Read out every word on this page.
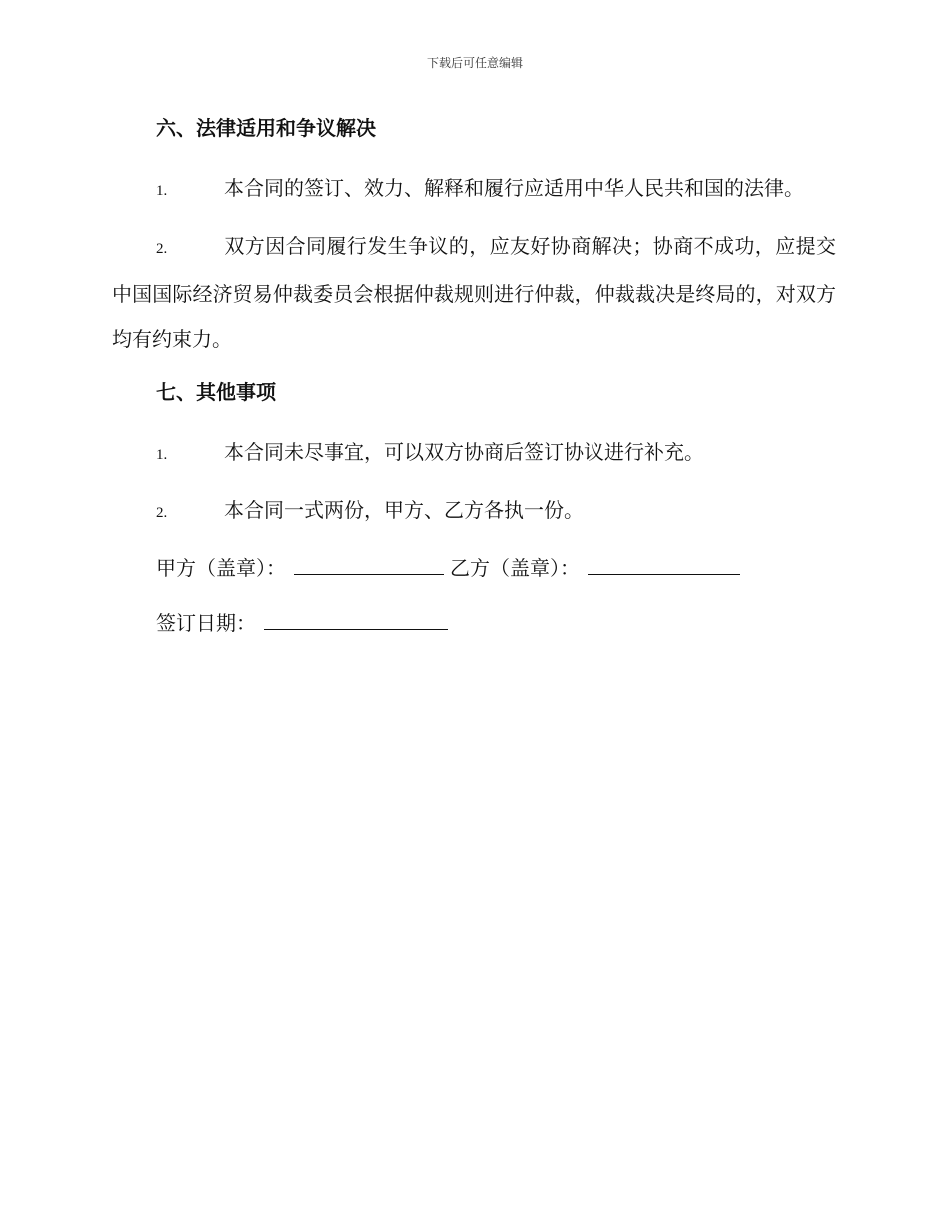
下载后可任意编辑
六、法律适用和争议解决

1.	本合同的签订、效力、解释和履行应适用中华人民共和国的法律。

2.	双方因合同履行发生争议的，应友好协商解决；协商不成功，应提交中国国际经济贸易仲裁委员会根据仲裁规则进行仲裁，仲裁裁决是终局的，对双方均有约束力。

七、其他事项

1.	本合同未尽事宜，可以双方协商后签订协议进行补充。

2.	本合同一式两份，甲方、乙方各执一份。

甲方（盖章）：	乙方（盖章）：
签订日期：
